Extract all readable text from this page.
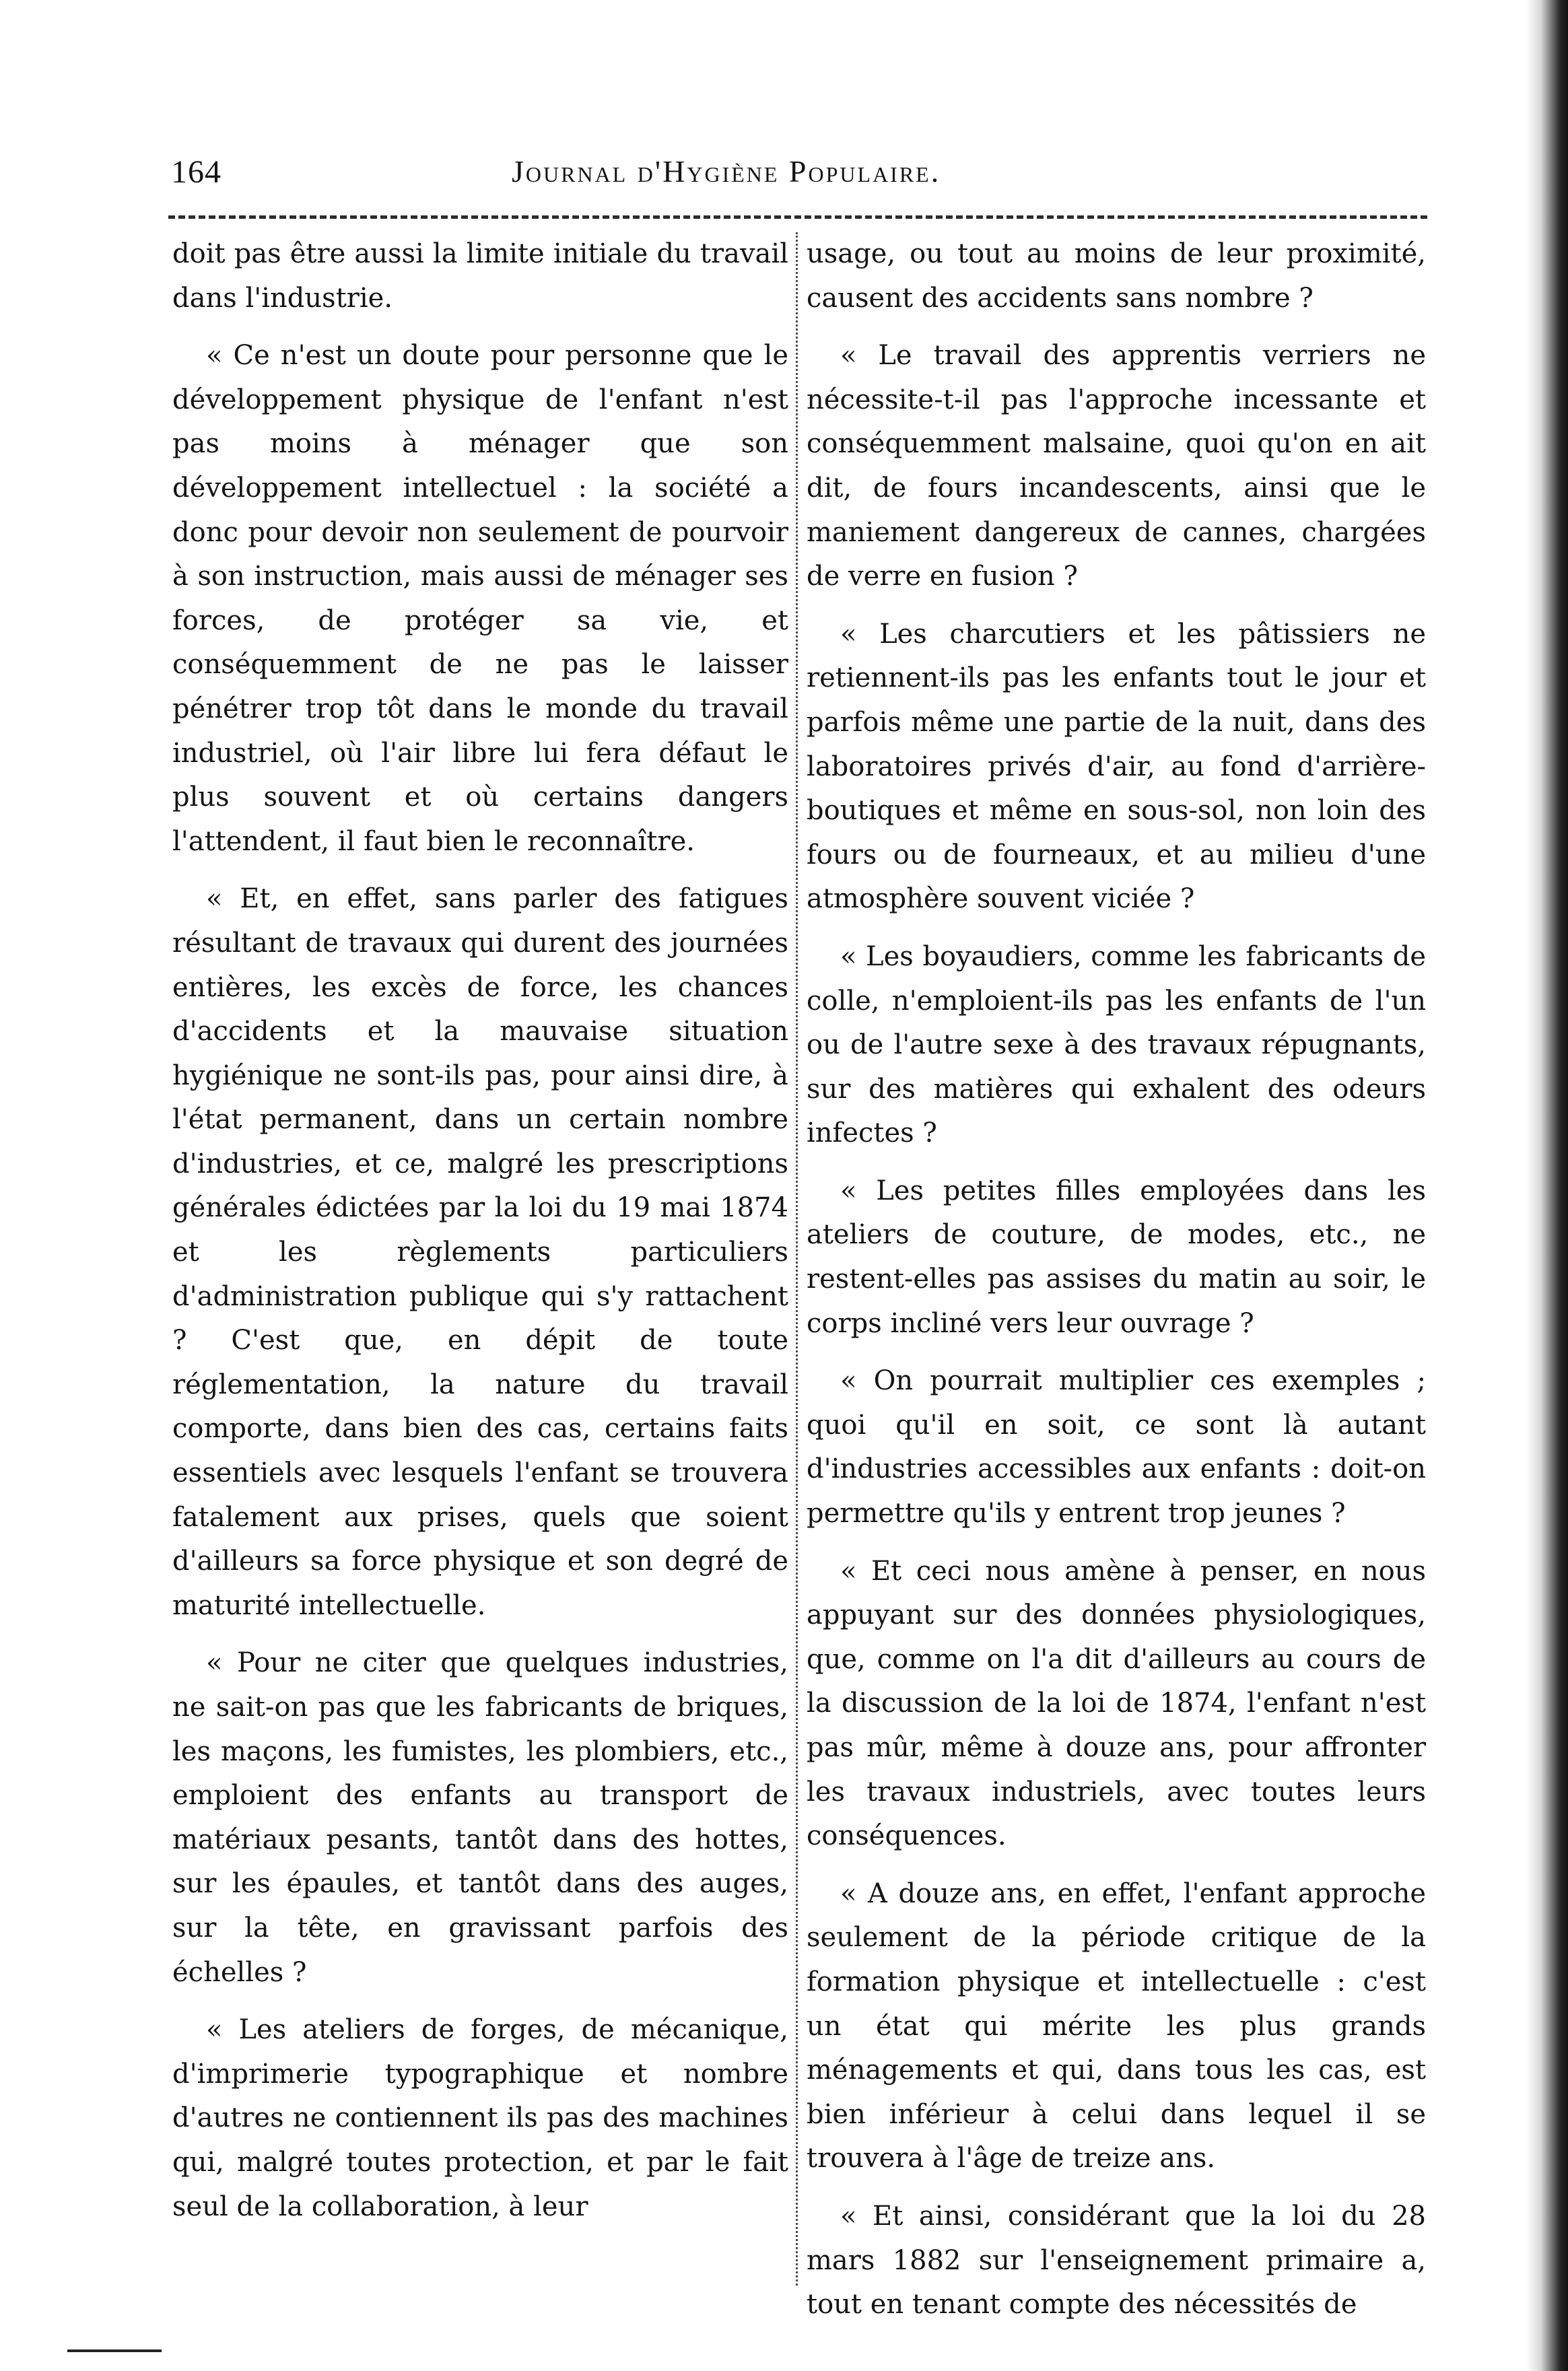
164	Journal d'Hygiène Populaire.

doit pas être aussi la limite initiale du travail dans l'industrie.

« Ce n'est un doute pour personne que le développement physique de l'enfant n'est pas moins à ménager que son développement intellectuel : la société a donc pour devoir non seulement de pourvoir à son instruction, mais aussi de ménager ses forces, de protéger sa vie, et conséquemment de ne pas le laisser pénétrer trop tôt dans le monde du travail industriel, où l'air libre lui fera défaut le plus souvent et où certains dangers l'attendent, il faut bien le reconnaître.

« Et, en effet, sans parler des fatigues résultant de travaux qui durent des journées entières, les excès de force, les chances d'accidents et la mauvaise situation hygiénique ne sont-ils pas, pour ainsi dire, à l'état permanent, dans un certain nombre d'industries, et ce, malgré les prescriptions générales édictées par la loi du 19 mai 1874 et les règlements particuliers d'administration publique qui s'y rattachent ? C'est que, en dépit de toute réglementation, la nature du travail comporte, dans bien des cas, certains faits essentiels avec lesquels l'enfant se trouvera fatalement aux prises, quels que soient d'ailleurs sa force physique et son degré de maturité intellectuelle.

« Pour ne citer que quelques industries, ne sait-on pas que les fabricants de briques, les maçons, les fumistes, les plombiers, etc., emploient des enfants au transport de matériaux pesants, tantôt dans des hottes, sur les épaules, et tantôt dans des auges, sur la tête, en gravissant parfois des échelles ?

« Les ateliers de forges, de mécanique, d'imprimerie typographique et nombre d'autres ne contiennent ils pas des machines qui, malgré toutes protection, et par le fait seul de la collaboration, à leur

usage, ou tout au moins de leur proximité, causent des accidents sans nombre ?

« Le travail des apprentis verriers ne nécessite-t-il pas l'approche incessante et conséquemment malsaine, quoi qu'on en ait dit, de fours incandescents, ainsi que le maniement dangereux de cannes, chargées de verre en fusion ?

« Les charcutiers et les pâtissiers ne retiennent-ils pas les enfants tout le jour et parfois même une partie de la nuit, dans des laboratoires privés d'air, au fond d'arrière-boutiques et même en sous-sol, non loin des fours ou de fourneaux, et au milieu d'une atmosphère souvent viciée ?

« Les boyaudiers, comme les fabricants de colle, n'emploient-ils pas les enfants de l'un ou de l'autre sexe à des travaux répugnants, sur des matières qui exhalent des odeurs infectes ?

« Les petites filles employées dans les ateliers de couture, de modes, etc., ne restent-elles pas assises du matin au soir, le corps incliné vers leur ouvrage ?

« On pourrait multiplier ces exemples ; quoi qu'il en soit, ce sont là autant d'industries accessibles aux enfants : doit-on permettre qu'ils y entrent trop jeunes ?

« Et ceci nous amène à penser, en nous appuyant sur des données physiologiques, que, comme on l'a dit d'ailleurs au cours de la discussion de la loi de 1874, l'enfant n'est pas mûr, même à douze ans, pour affronter les travaux industriels, avec toutes leurs conséquences.

« A douze ans, en effet, l'enfant approche seulement de la période critique de la formation physique et intellectuelle : c'est un état qui mérite les plus grands ménagements et qui, dans tous les cas, est bien inférieur à celui dans lequel il se trouvera à l'âge de treize ans.

« Et ainsi, considérant que la loi du 28 mars 1882 sur l'enseignement primaire a, tout en tenant compte des nécessités de
